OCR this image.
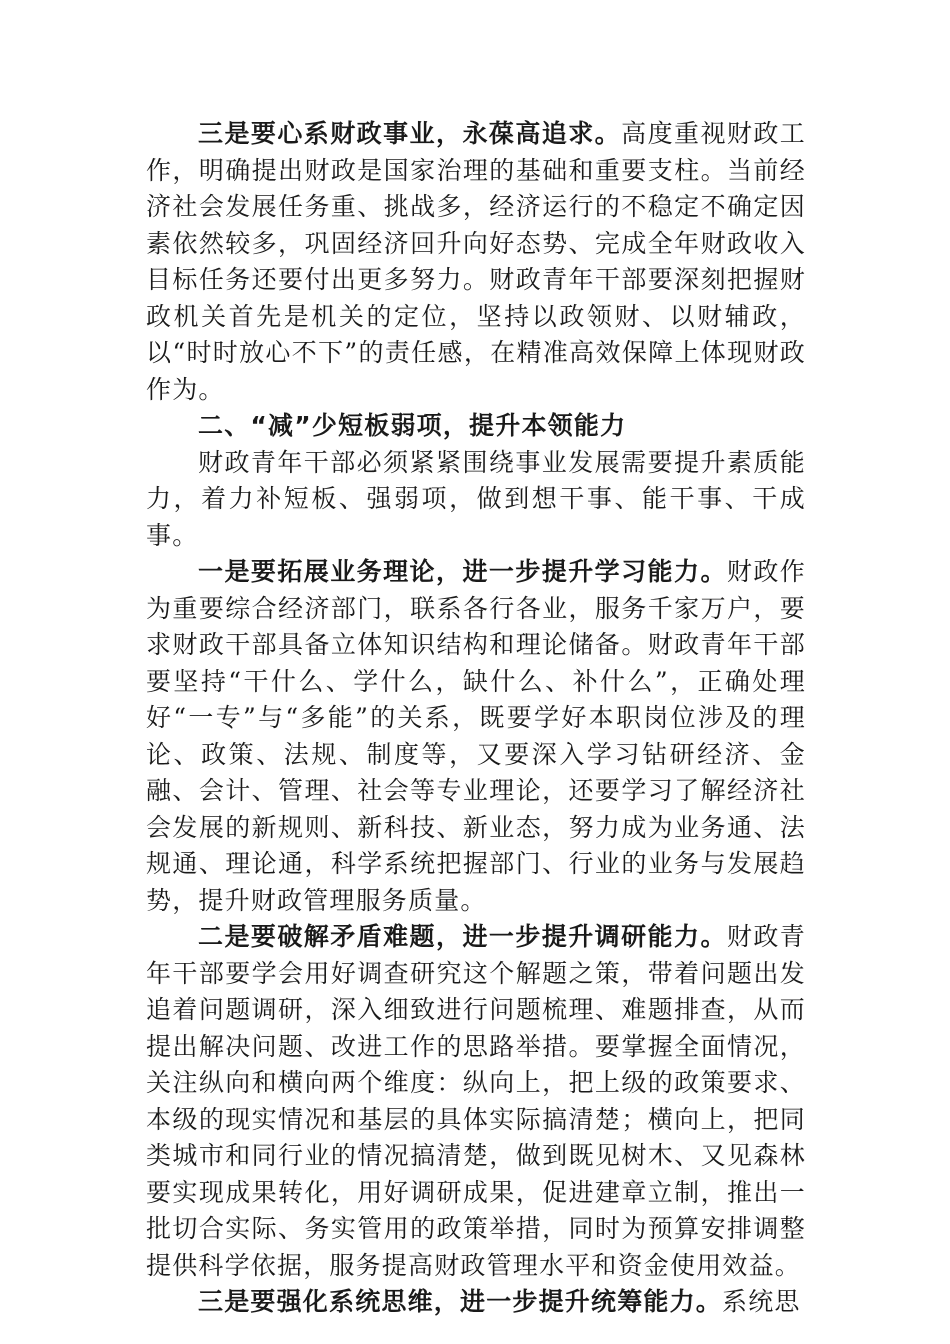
三是要心系财政事业，永葆高追求。高度重视财政工作，明确提出财政是国家治理的基础和重要支柱。当前经济社会发展任务重、挑战多，经济运行的不稳定不确定因素依然较多，巩固经济回升向好态势、完成全年财政收入目标任务还要付出更多努力。财政青年干部要深刻把握财政机关首先是机关的定位，坚持以政领财、以财辅政，以“时时放心不下”的责任感，在精准高效保障上体现财政作为。

二、“减”少短板弱项，提升本领能力

财政青年干部必须紧紧围绕事业发展需要提升素质能力，着力补短板、强弱项，做到想干事、能干事、干成事。

一是要拓展业务理论，进一步提升学习能力。财政作为重要综合经济部门，联系各行各业，服务千家万户，要求财政干部具备立体知识结构和理论储备。财政青年干部要坚持“干什么、学什么，缺什么、补什么”，正确处理好“一专”与“多能”的关系，既要学好本职岗位涉及的理论、政策、法规、制度等，又要深入学习钻研经济、金融、会计、管理、社会等专业理论，还要学习了解经济社会发展的新规则、新科技、新业态，努力成为业务通、法规通、理论通，科学系统把握部门、行业的业务与发展趋势，提升财政管理服务质量。

二是要破解矛盾难题，进一步提升调研能力。财政青年干部要学会用好调查研究这个解题之策，带着问题出发追着问题调研，深入细致进行问题梳理、难题排查，从而提出解决问题、改进工作的思路举措。要掌握全面情况，关注纵向和横向两个维度：纵向上，把上级的政策要求、本级的现实情况和基层的具体实际搞清楚；横向上，把同类城市和同行业的情况搞清楚，做到既见树木、又见森林要实现成果转化，用好调研成果，促进建章立制，推出一批切合实际、务实管用的政策举措，同时为预算安排调整提供科学依据，服务提高财政管理水平和资金使用效益。

三是要强化系统思维，进一步提升统筹能力。系统思
